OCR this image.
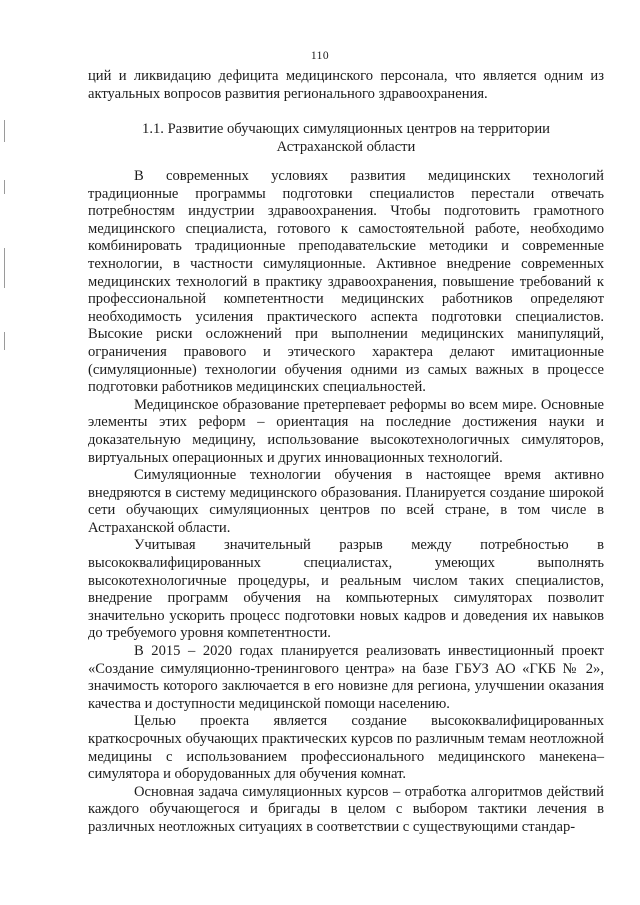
110

ций и ликвидацию дефицита медицинского персонала, что является одним из актуальных вопросов развития регионального здравоохранения.

1.1. Развитие обучающих симуляционных центров на территории
Астраханской области

В современных условиях развития медицинских технологий традиционные программы подготовки специалистов перестали отвечать потребностям индустрии здравоохранения. Чтобы подготовить грамотного медицинского специалиста, готового к самостоятельной работе, необходимо комбинировать традиционные преподавательские методики и современные технологии, в частности симуляционные. Активное внедрение современных медицинских технологий в практику здравоохранения, повышение требований к профессиональной компетентности медицинских работников определяют необходимость усиления практического аспекта подготовки специалистов. Высокие риски осложнений при выполнении медицинских манипуляций, ограничения правового и этического характера делают имитационные (симуляционные) технологии обучения одними из самых важных в процессе подготовки работников медицинских специальностей.

Медицинское образование претерпевает реформы во всем мире. Основные элементы этих реформ – ориентация на последние достижения науки и доказательную медицину, использование высокотехнологичных симуляторов, виртуальных операционных и других инновационных технологий.

Симуляционные технологии обучения в настоящее время активно внедряются в систему медицинского образования. Планируется создание широкой сети обучающих симуляционных центров по всей стране, в том числе в Астраханской области.

Учитывая значительный разрыв между потребностью в высококвалифицированных специалистах, умеющих выполнять высокотехнологичные процедуры, и реальным числом таких специалистов, внедрение программ обучения на компьютерных симуляторах позволит значительно ускорить процесс подготовки новых кадров и доведения их навыков до требуемого уровня компетентности.

В 2015 – 2020 годах планируется реализовать инвестиционный проект «Создание симуляционно-тренингового центра» на базе ГБУЗ АО «ГКБ № 2», значимость которого заключается в его новизне для региона, улучшении оказания качества и доступности медицинской помощи населению.

Целью проекта является создание высококвалифицированных краткосрочных обучающих практических курсов по различным темам неотложной медицины с использованием профессионального медицинского манекена– симулятора и оборудованных для обучения комнат.

Основная задача симуляционных курсов – отработка алгоритмов действий каждого обучающегося и бригады в целом с выбором тактики лечения в различных неотложных ситуациях в соответствии с существующими стандар-
